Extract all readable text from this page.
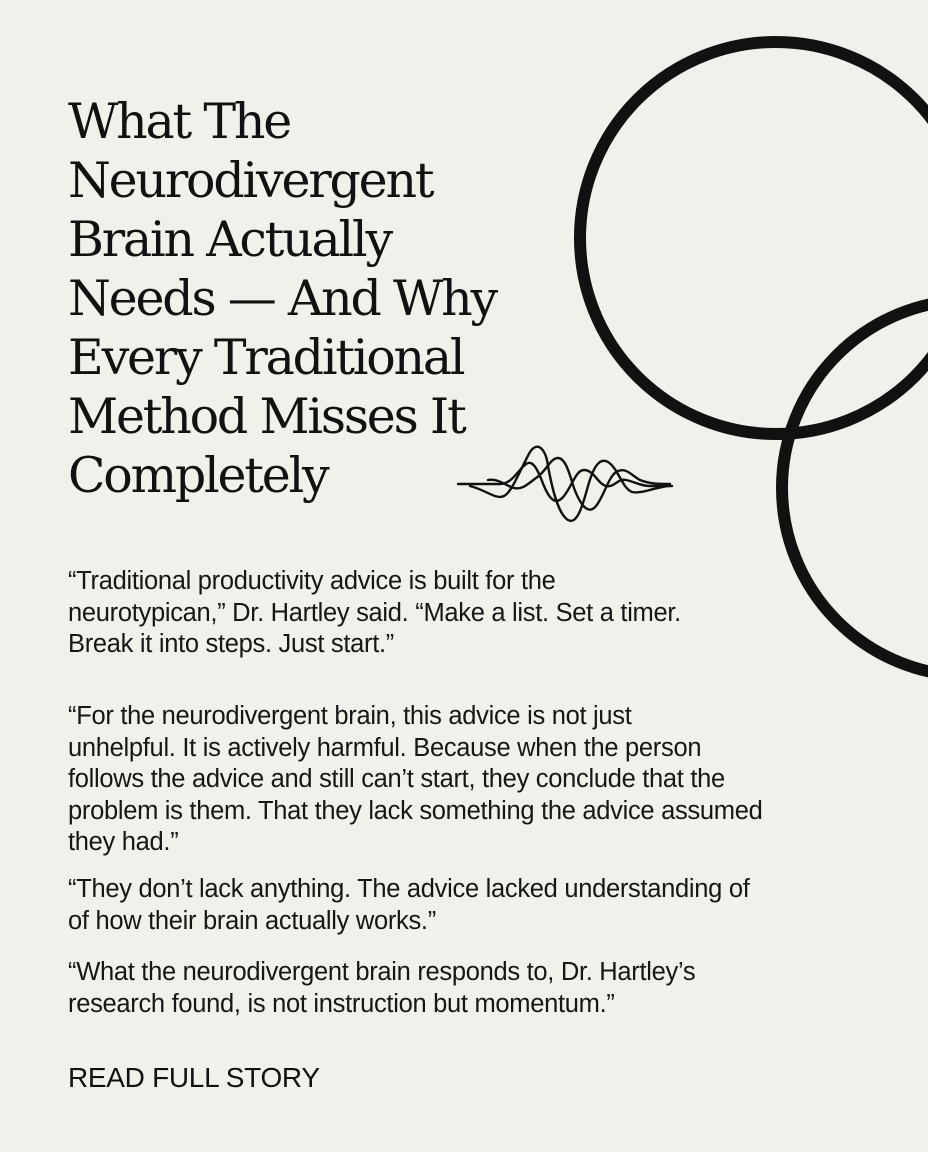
What The
Neurodivergent
Brain Actually
Needs — And Why
Every Traditional
Method Misses It
Completely

“Traditional productivity advice is built for the
neurotypican,” Dr. Hartley said. “Make a list. Set a timer.
Break it into steps. Just start.”

“For the neurodivergent brain, this advice is not just
unhelpful. It is actively harmful. Because when the person
follows the advice and still can’t start, they conclude that the
problem is them. That they lack something the advice assumed
they had.”

“They don’t lack anything. The advice lacked understanding of
of how their brain actually works.”

“What the neurodivergent brain responds to, Dr. Hartley’s
research found, is not instruction but momentum.”

READ FULL STORY
